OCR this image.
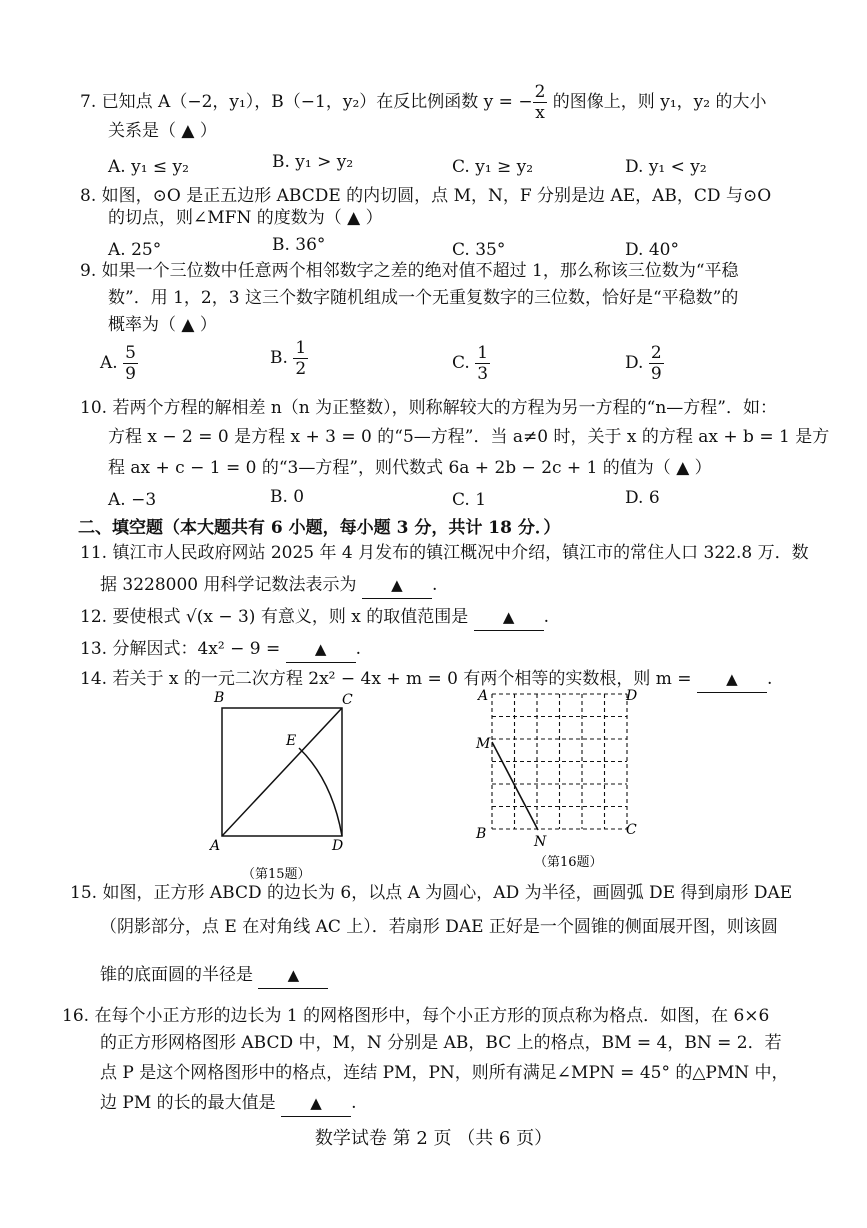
7. 已知点 A（−2，y₁），B（−1，y₂）在反比例函数 y = − $\frac{2}{x}$ 的图像上，则 y₁，y₂ 的大小
关系是（ ▲ ）
A. y₁ ≤ y₂	B. y₁ > y₂	C. y₁ ≥ y₂	D. y₁ < y₂
8. 如图，⊙O 是正五边形 ABCDE 的内切圆，点 M，N，F 分别是边 AE，AB，CD 与⊙O
的切点，则∠MFN 的度数为（ ▲ ）
A. 25°	B. 36°	C. 35°	D. 40°
9. 如果一个三位数中任意两个相邻数字之差的绝对值不超过 1，那么称该三位数为“平稳
数”．用 1，2，3 这三个数字随机组成一个无重复数字的三位数，恰好是“平稳数”的
概率为（ ▲ ）
A. $\frac{5}{9}$	B. $\frac{1}{2}$	C. $\frac{1}{3}$	D. $\frac{2}{9}$
10. 若两个方程的解相差 n（n 为正整数），则称解较大的方程为另一方程的“n—方程”．如：
方程 x − 2 = 0 是方程 x + 3 = 0 的“5—方程”．当 a≠0 时，关于 x 的方程 ax + b = 1 是方
程 ax + c − 1 = 0 的“3—方程”，则代数式 6a + 2b − 2c + 1 的值为（ ▲ ）
A. −3	B. 0	C. 1	D. 6
二、填空题（本大题共有 6 小题，每小题 3 分，共计 18 分．）
11. 镇江市人民政府网站 2025 年 4 月发布的镇江概况中介绍，镇江市的常住人口 322.8 万．数
据 3228000 用科学记数法表示为 ▲ .
12. 要使根式 √(x − 3) 有意义，则 x 的取值范围是 ▲ .
13. 分解因式：4x² − 9 = ▲ .
14. 若关于 x 的一元二次方程 2x² − 4x + m = 0 有两个相等的实数根，则 m = ▲ .
B	C
E
A	D
（第15题）
A	D
M
B	N
C
（第16题）
15. 如图，正方形 ABCD 的边长为 6，以点 A 为圆心，AD 为半径，画圆弧 DE 得到扇形 DAE
（阴影部分，点 E 在对角线 AC 上）．若扇形 DAE 正好是一个圆锥的侧面展开图，则该圆
锥的底面圆的半径是 ▲
16. 在每个小正方形的边长为 1 的网格图形中，每个小正方形的顶点称为格点．如图，在 6×6
的正方形网格图形 ABCD 中，M，N 分别是 AB，BC 上的格点，BM = 4，BN = 2．若
点 P 是这个网格图形中的格点，连结 PM，PN，则所有满足∠MPN = 45° 的△PMN 中，
边 PM 的长的最大值是 ▲ .
数学试卷 第 2 页 （共 6 页）
